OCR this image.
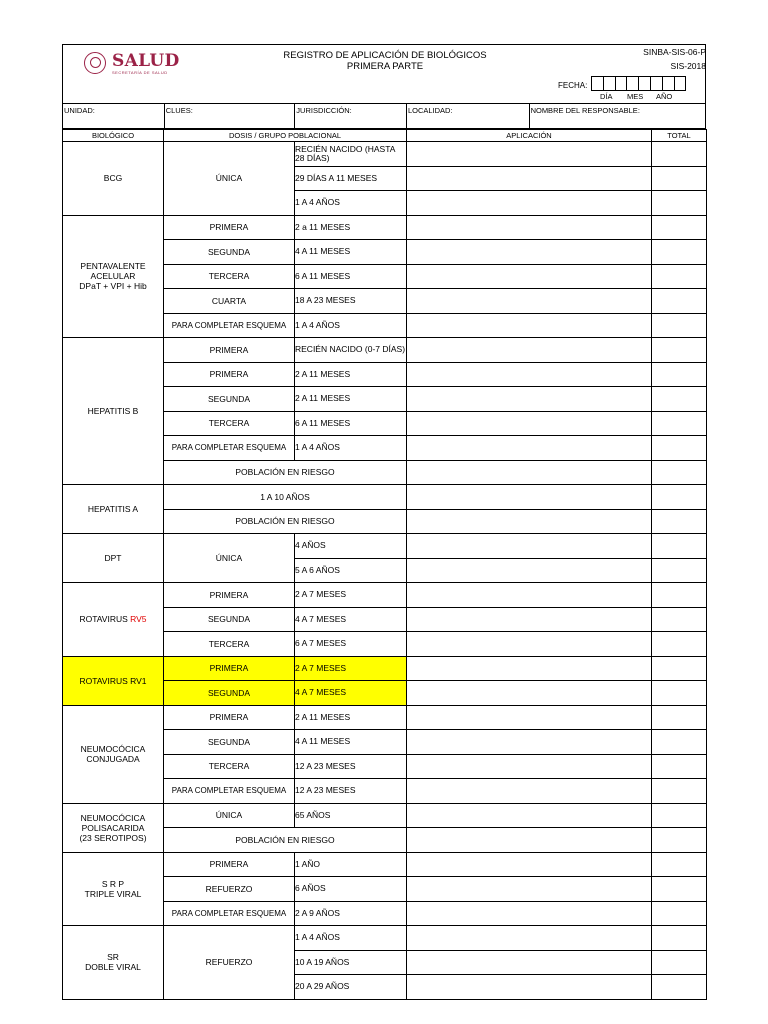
SALUD
SECRETARÍA DE SALUD
REGISTRO DE APLICACIÓN DE BIOLÓGICOS
PRIMERA PARTE
SINBA-SIS-06-P
SIS-2018
FECHA:
DÍA MES AÑO
UNIDAD:	CLUES:	JURISDICCIÓN:	LOCALIDAD:	NOMBRE DEL RESPONSABLE:
BIOLÓGICO	DOSIS / GRUPO POBLACIONAL		APLICACIÓN	TOTAL
BCG	ÚNICA	RECIÉN NACIDO (HASTA 28 DÍAS)		
		29 DÍAS A 11 MESES		
		1 A 4 AÑOS		

PENTAVALENTE
ACELULAR
DPaT + VPI + Hib	PRIMERA	2 a 11 MESES		
	SEGUNDA	4 A 11 MESES		
	TERCERA	6 A 11 MESES		
	CUARTA	18 A 23 MESES		
	PARA COMPLETAR ESQUEMA	1 A 4 AÑOS		
HEPATITIS B	PRIMERA	RECIÉN NACIDO (0-7 DÍAS)		
	PRIMERA	2 A 11 MESES		
	SEGUNDA	2 A 11 MESES		
	TERCERA	6 A 11 MESES		
	PARA COMPLETAR ESQUEMA	1 A 4 AÑOS		
	POBLACIÓN EN RIESGO			
HEPATITIS A	1 A 10 AÑOS			
	POBLACIÓN EN RIESGO			
DPT	ÚNICA	4 AÑOS		
		5 A 6 AÑOS		
ROTAVIRUS RV5	PRIMERA	2 A 7 MESES		
	SEGUNDA	4 A 7 MESES		
	TERCERA	6 A 7 MESES		
ROTAVIRUS RV1	PRIMERA	2 A 7 MESES		
	SEGUNDA	4 A 7 MESES		

NEUMOCÓCICA
CONJUGADA	PRIMERA	2 A 11 MESES		
	SEGUNDA	4 A 11 MESES		
	TERCERA	12 A 23 MESES		
	PARA COMPLETAR ESQUEMA	12 A 23 MESES		

NEUMOCÓCICA
POLISACARIDA
(23 SEROTIPOS)	ÚNICA	65 AÑOS		
	POBLACIÓN EN RIESGO			

S R P
TRIPLE VIRAL	PRIMERA	1 AÑO		
	REFUERZO	6 AÑOS		
	PARA COMPLETAR ESQUEMA	2 A 9 AÑOS		

SR
DOBLE VIRAL	REFUERZO	1 A 4 AÑOS		
		10 A 19 AÑOS		
		20 A 29 AÑOS		
